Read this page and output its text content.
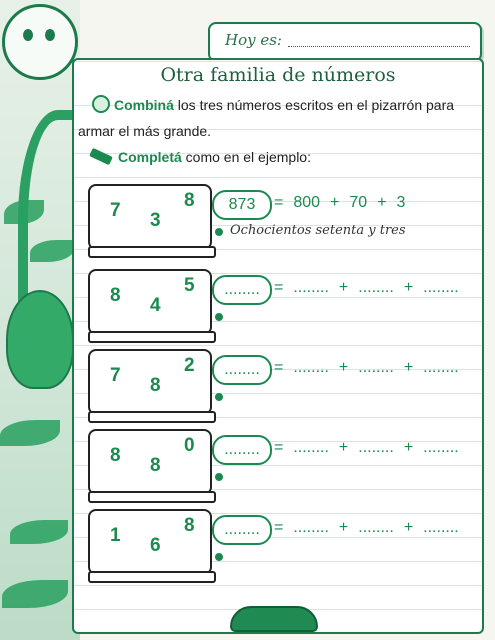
Hoy es:
Otra familia de números
Combiná los tres números escritos en el pizarrón para
armar el más grande.
Completá como en el ejemplo:
7 3
8	873	= 800 + 70 + 3
Ochocientos setenta y tres
8 4
5	........ = ........ + ........ + ........
7 8
2	........ = ........ + ........ + ........
8 8
0	........ = ........ + ........ + ........
1 6
8	........ = ........ + ........ + ........
